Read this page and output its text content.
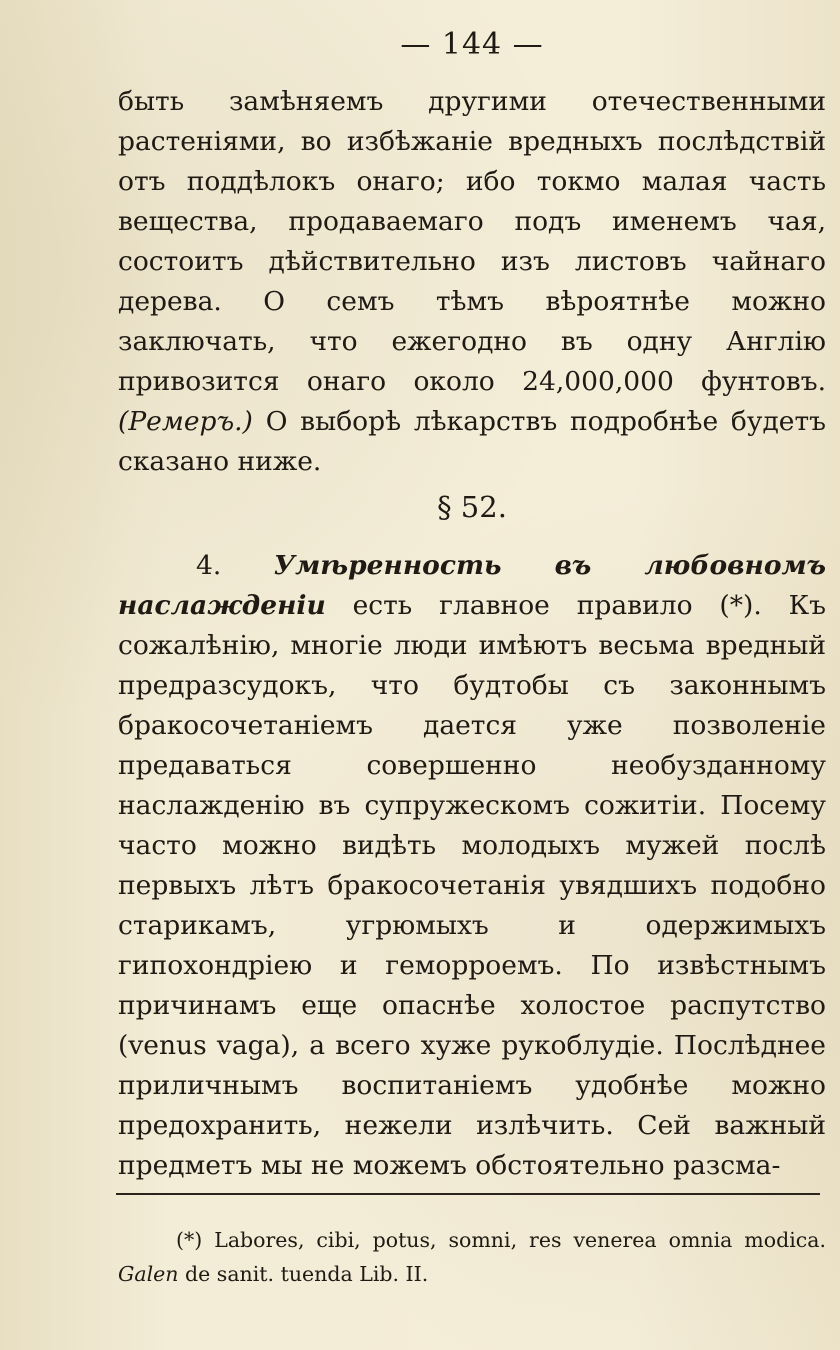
— 144 —
быть замѣняемъ другими отечественными растеніями, во избѣжаніе вредныхъ послѣдствій отъ поддѣлокъ онаго; ибо токмо малая часть вещества, продаваемаго подъ именемъ чая, состоитъ дѣйствительно изъ листовъ чайнаго дерева. О семъ тѣмъ вѣроятнѣе можно заключать, что ежегодно въ одну Англію привозится онаго около 24,000,000 фунтовъ. (Ремеръ.) О выборѣ лѣкарствъ подробнѣе будетъ сказано ниже.
§ 52.
4. Умѣренность въ любовномъ наслажденіи есть главное правило (*). Къ сожалѣнію, многіе люди имѣютъ весьма вредный предразсудокъ, что будтобы съ законнымъ бракосочетаніемъ дается уже позволеніе предаваться совершенно необузданному наслажденію въ супружескомъ сожитіи. Посему часто можно видѣть молодыхъ мужей послѣ первыхъ лѣтъ бракосочетанія увядшихъ подобно старикамъ, угрюмыхъ и одержимыхъ гипохондріею и геморроемъ. По извѣстнымъ причинамъ еще опаснѣе холостое распутство (venus vaga), а всего хуже рукоблудіе. Послѣднее приличнымъ воспитаніемъ удобнѣе можно предохранить, нежели излѣчить. Сей важный предметъ мы не можемъ обстоятельно разсма-
(*) Labores, cibi, potus, somni, res venerea omnia modica. Galen de sanit. tuenda Lib. II.
